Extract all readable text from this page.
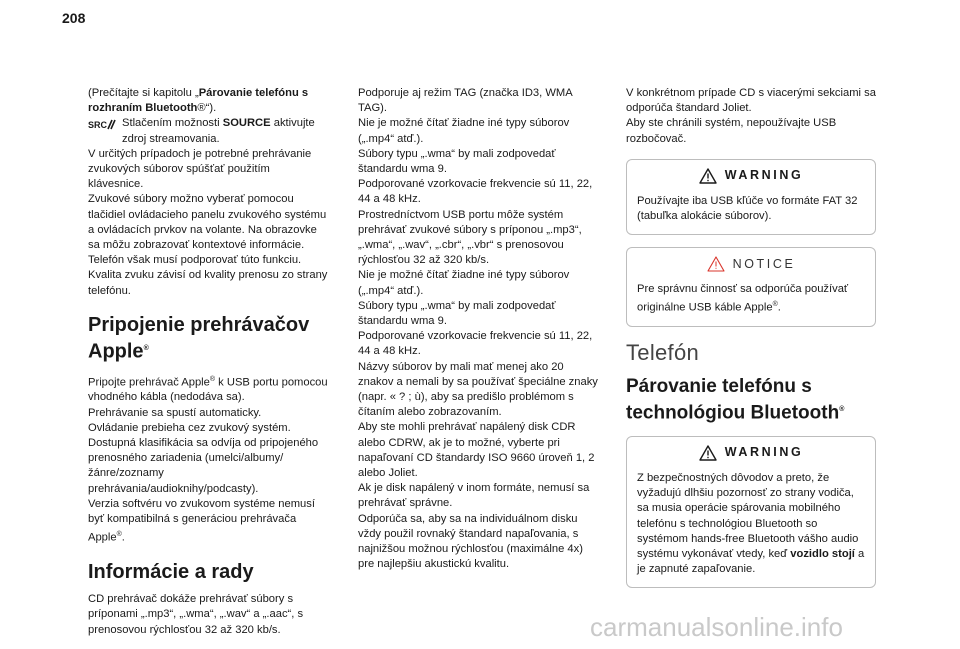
208

(Prečítajte si kapitolu „Párovanie telefónu s rozhraním Bluetooth®“).

SRC Stlačením možnosti SOURCE aktivujte zdroj streamovania.

V určitých prípadoch je potrebné prehrávanie zvukových súborov spúšťať použitím klávesnice.

Zvukové súbory možno vyberať pomocou tlačidiel ovládacieho panelu zvukového systému a ovládacích prvkov na volante. Na obrazovke sa môžu zobrazovať kontextové informácie.

Telefón však musí podporovať túto funkciu.

Kvalita zvuku závisí od kvality prenosu zo strany telefónu.

Pripojenie prehrávačov Apple®

Pripojte prehrávač Apple® k USB portu pomocou vhodného kábla (nedodáva sa).

Prehrávanie sa spustí automaticky.

Ovládanie prebieha cez zvukový systém.

Dostupná klasifikácia sa odvíja od pripojeného prenosného zariadenia (umelci/albumy/žánre/zoznamy prehrávania/audioknihy/podcasty).

Verzia softvéru vo zvukovom systéme nemusí byť kompatibilná s generáciou prehrávača Apple®.

Informácie a rady

CD prehrávač dokáže prehrávať súbory s príponami „.mp3“, „.wma“, „.wav“ a „.aac“, s prenosovou rýchlosťou 32 až 320 kb/s.

Podporuje aj režim TAG (značka ID3, WMA TAG).

Nie je možné čítať žiadne iné typy súborov („.mp4“ atď.).

Súbory typu „.wma“ by mali zodpovedať štandardu wma 9.

Podporované vzorkovacie frekvencie sú 11, 22, 44 a 48 kHz.

Prostredníctvom USB portu môže systém prehrávať zvukové súbory s príponou „.mp3“, „.wma“, „.wav“, „.cbr“, „.vbr“ s prenosovou rýchlosťou 32 až 320 kb/s.

Nie je možné čítať žiadne iné typy súborov („.mp4“ atď.).

Súbory typu „.wma“ by mali zodpovedať štandardu wma 9.

Podporované vzorkovacie frekvencie sú 11, 22, 44 a 48 kHz.

Názvy súborov by mali mať menej ako 20 znakov a nemali by sa používať špeciálne znaky (napr. « ? ; ù), aby sa predišlo problémom s čítaním alebo zobrazovaním.

Aby ste mohli prehrávať napálený disk CDR alebo CDRW, ak je to možné, vyberte pri napaľovaní CD štandardy ISO 9660 úroveň 1, 2 alebo Joliet.

Ak je disk napálený v inom formáte, nemusí sa prehrávať správne.

Odporúča sa, aby sa na individuálnom disku vždy použil rovnaký štandard napaľovania, s najnižšou možnou rýchlosťou (maximálne 4x) pre najlepšiu akustickú kvalitu.

V konkrétnom prípade CD s viacerými sekciami sa odporúča štandard Joliet.

Aby ste chránili systém, nepoužívajte USB rozbočovač.

WARNING

Používajte iba USB kľúče vo formáte FAT 32 (tabuľka alokácie súborov).

NOTICE

Pre správnu činnosť sa odporúča používať originálne USB káble Apple®.

Telefón
Párovanie telefónu s technológiou Bluetooth®
WARNING

Z bezpečnostných dôvodov a preto, že vyžadujú dlhšiu pozornosť zo strany vodiča, sa musia operácie spárovania mobilného telefónu s technológiou Bluetooth so systémom hands-free Bluetooth vášho audio systému vykonávať vtedy, keď vozidlo stojí a je zapnuté zapaľovanie.

carmanualsonline.info
